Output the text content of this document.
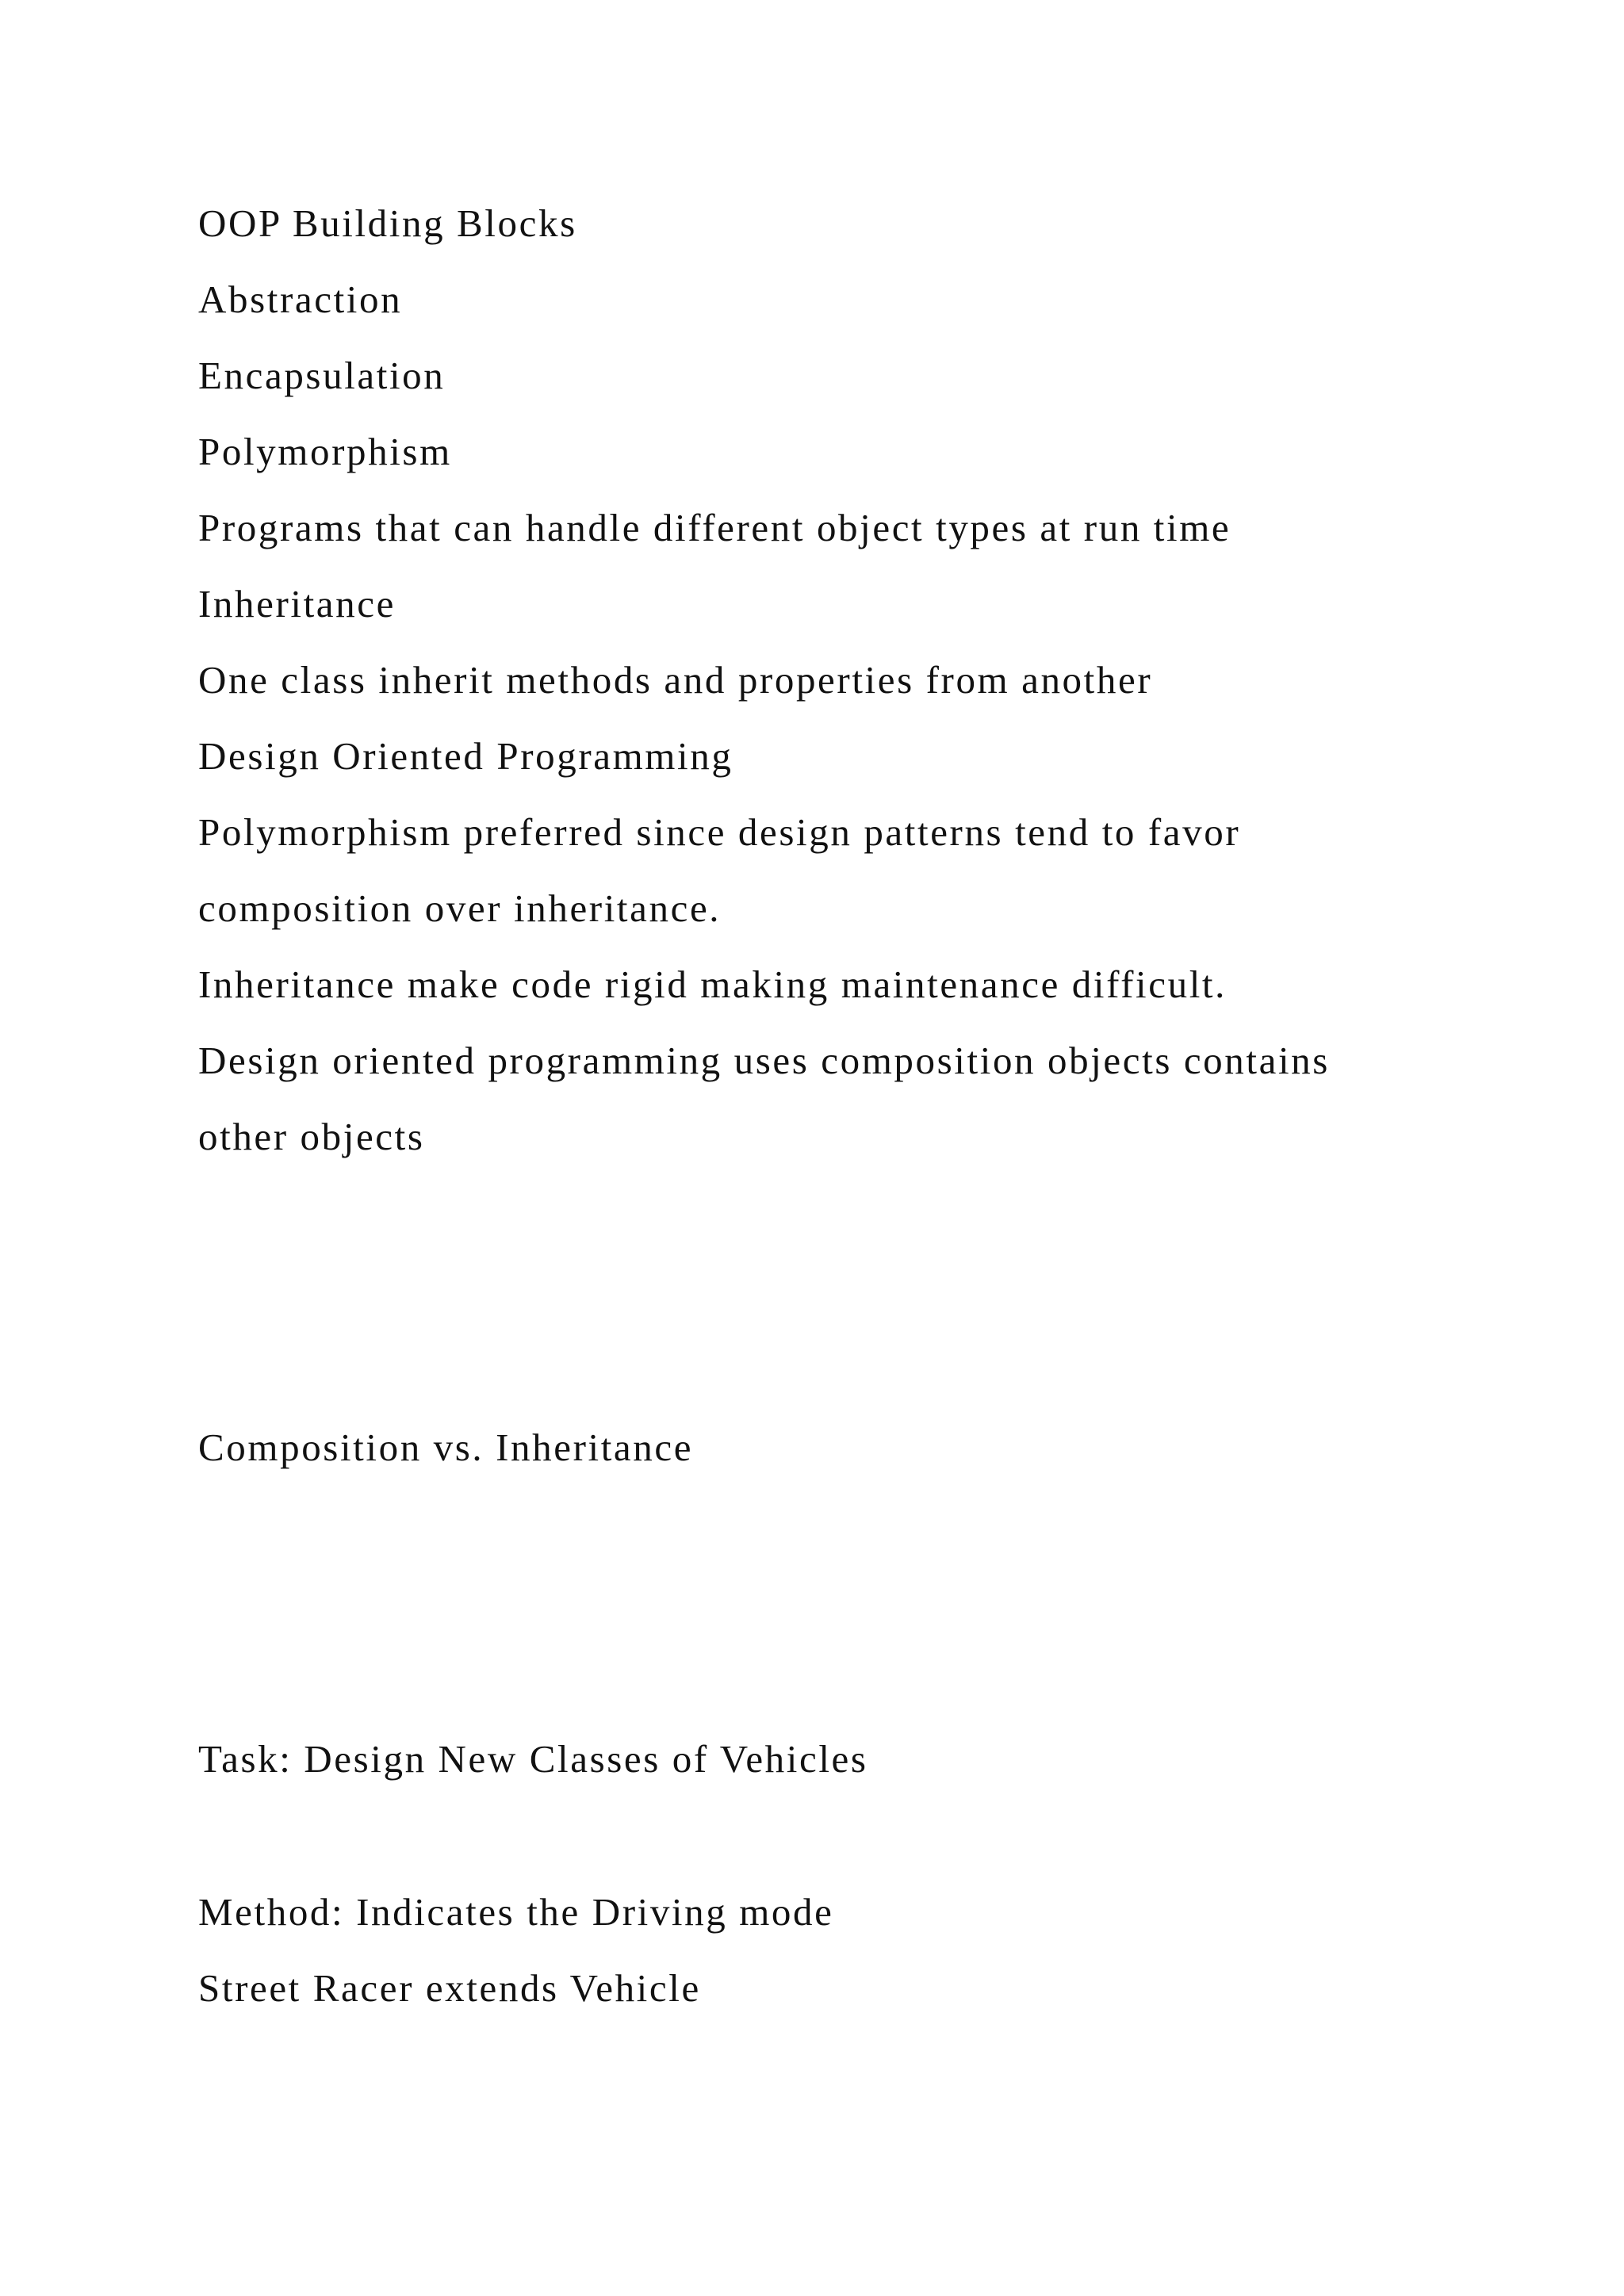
OOP Building Blocks

Abstraction

Encapsulation

Polymorphism

Programs that can handle different object types at run time

Inheritance

One class inherit methods and properties from another

Design Oriented Programming

Polymorphism preferred since design patterns tend to favor

composition over inheritance.

Inheritance make code rigid making maintenance difficult.

Design oriented programming uses composition objects contains

other objects

Composition vs. Inheritance

Task: Design New Classes of Vehicles

Method: Indicates the Driving mode

Street Racer extends Vehicle
